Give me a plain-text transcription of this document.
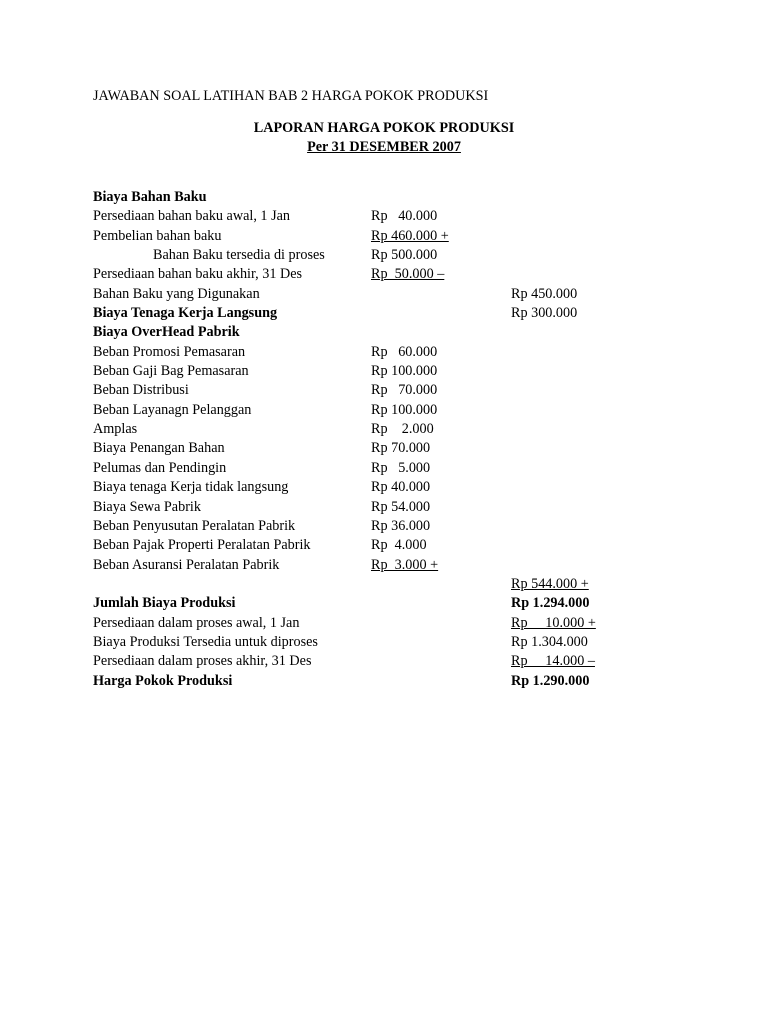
JAWABAN SOAL LATIHAN BAB 2 HARGA POKOK PRODUKSI
LAPORAN HARGA POKOK PRODUKSI
Per 31 DESEMBER 2007
Biaya Bahan Baku
Persediaan bahan baku awal, 1 Jan	Rp   40.000
Pembelian bahan baku	Rp 460.000 +
Bahan Baku tersedia di proses	Rp 500.000
Persediaan bahan baku akhir, 31 Des	Rp  50.000 –
Bahan Baku yang Digunakan	Rp 450.000
Biaya Tenaga Kerja Langsung	Rp 300.000
Biaya OverHead Pabrik
Beban Promosi Pemasaran	Rp   60.000
Beban Gaji Bag Pemasaran	Rp 100.000
Beban Distribusi	Rp   70.000
Beban Layanagn Pelanggan	Rp 100.000
Amplas	Rp    2.000
Biaya Penangan Bahan	Rp 70.000
Pelumas dan Pendingin	Rp   5.000
Biaya tenaga Kerja tidak langsung	Rp 40.000
Biaya Sewa Pabrik	Rp 54.000
Beban Penyusutan Peralatan Pabrik	Rp 36.000
Beban Pajak Properti Peralatan Pabrik	Rp  4.000
Beban Asuransi Peralatan Pabrik	Rp  3.000 +
Rp 544.000 +
Jumlah Biaya Produksi	Rp 1.294.000
Persediaan dalam proses awal, 1 Jan	Rp     10.000 +
Biaya Produksi Tersedia untuk diproses	Rp 1.304.000
Persediaan dalam proses akhir, 31 Des	Rp     14.000 –
Harga Pokok Produksi	Rp 1.290.000
